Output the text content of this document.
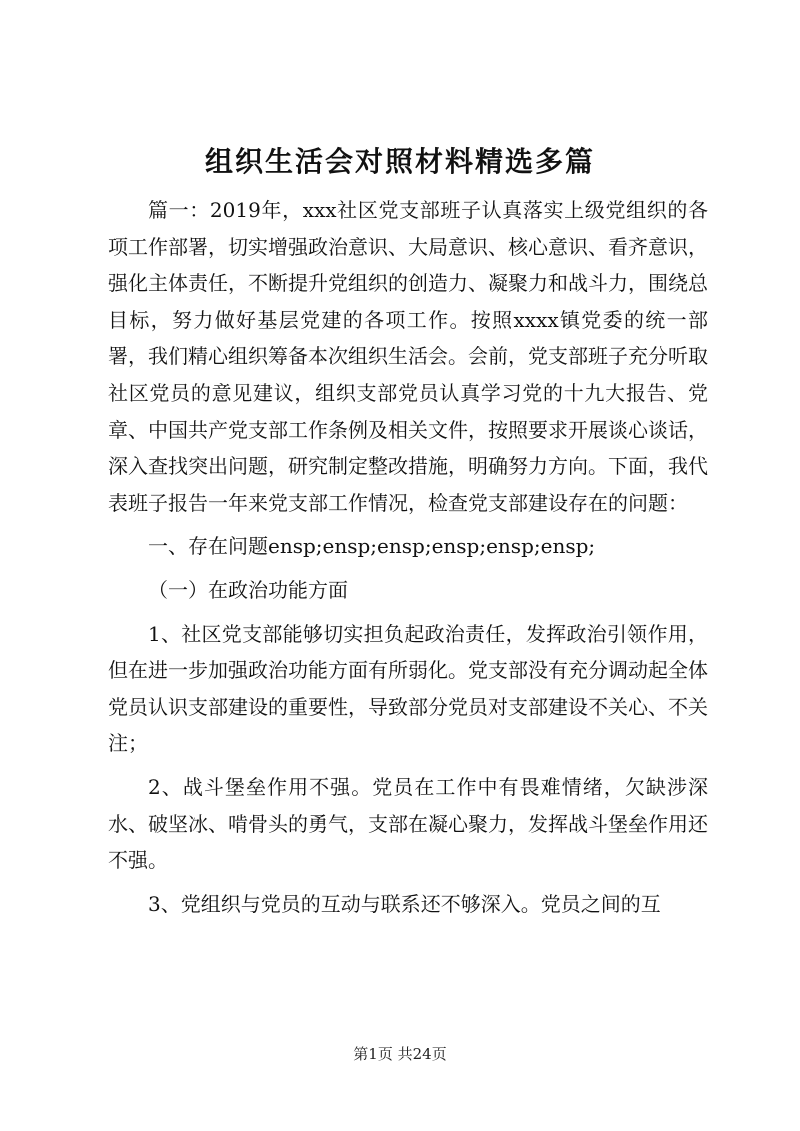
组织生活会对照材料精选多篇

篇一：2019年，xxx社区党支部班子认真落实上级党组织的各项工作部署，切实增强政治意识、大局意识、核心意识、看齐意识，强化主体责任，不断提升党组织的创造力、凝聚力和战斗力，围绕总目标，努力做好基层党建的各项工作。按照xxxx镇党委的统一部署，我们精心组织筹备本次组织生活会。会前，党支部班子充分听取社区党员的意见建议，组织支部党员认真学习党的十九大报告、党章、中国共产党支部工作条例及相关文件，按照要求开展谈心谈话，深入查找突出问题，研究制定整改措施，明确努力方向。下面，我代表班子报告一年来党支部工作情况，检查党支部建设存在的问题：

一、存在问题ensp;ensp;ensp;ensp;ensp;ensp;

（一）在政治功能方面

1、社区党支部能够切实担负起政治责任，发挥政治引领作用，但在进一步加强政治功能方面有所弱化。党支部没有充分调动起全体党员认识支部建设的重要性，导致部分党员对支部建设不关心、不关注；

2、战斗堡垒作用不强。党员在工作中有畏难情绪，欠缺涉深水、破坚冰、啃骨头的勇气，支部在凝心聚力，发挥战斗堡垒作用还不强。

3、党组织与党员的互动与联系还不够深入。党员之间的互

第1页 共24页
